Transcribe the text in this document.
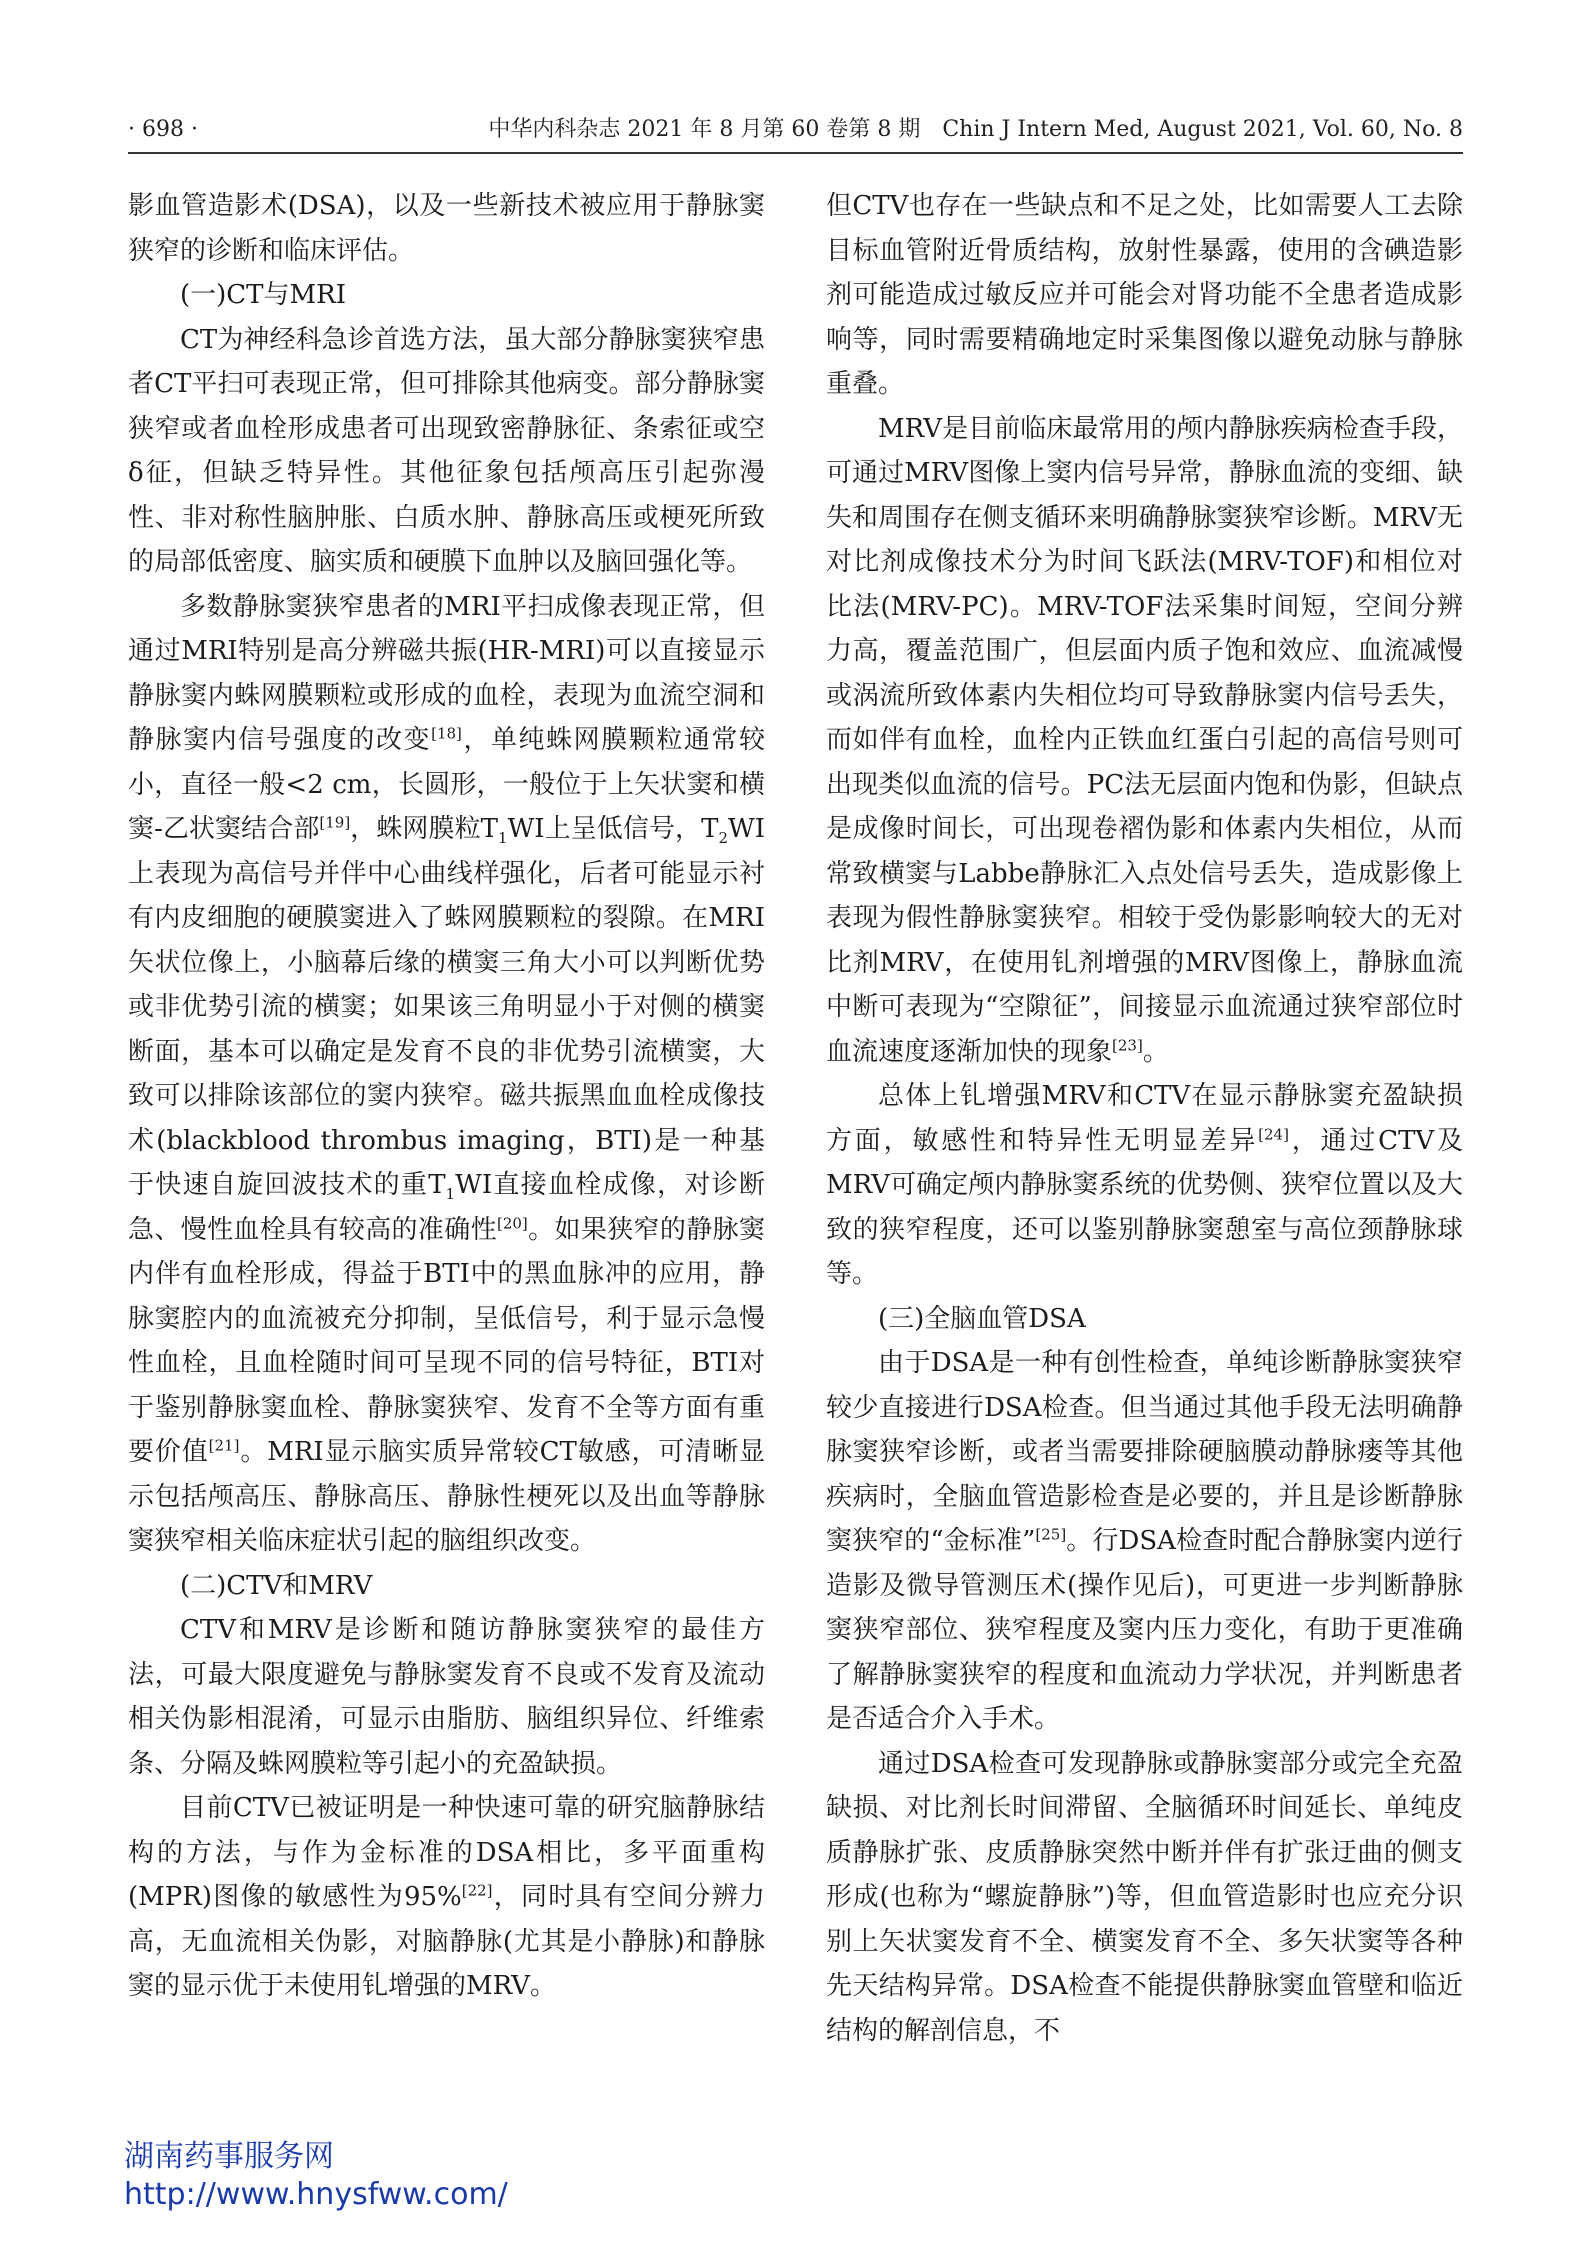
· 698 ·	中华内科杂志 2021 年 8 月第 60 卷第 8 期　Chin J Intern Med, August 2021, Vol. 60, No. 8

影血管造影术(DSA)，以及一些新技术被应用于静脉窦狭窄的诊断和临床评估。

(一)CT与MRI

CT为神经科急诊首选方法，虽大部分静脉窦狭窄患者CT平扫可表现正常，但可排除其他病变。部分静脉窦狭窄或者血栓形成患者可出现致密静脉征、条索征或空δ征，但缺乏特异性。其他征象包括颅高压引起弥漫性、非对称性脑肿胀、白质水肿、静脉高压或梗死所致的局部低密度、脑实质和硬膜下血肿以及脑回强化等。

多数静脉窦狭窄患者的MRI平扫成像表现正常，但通过MRI特别是高分辨磁共振(HR-MRI)可以直接显示静脉窦内蛛网膜颗粒或形成的血栓，表现为血流空洞和静脉窦内信号强度的改变[18]，单纯蛛网膜颗粒通常较小，直径一般<2 cm，长圆形，一般位于上矢状窦和横窦-乙状窦结合部[19]，蛛网膜粒$T_1WI$上呈低信号，$T_2WI$上表现为高信号并伴中心曲线样强化，后者可能显示衬有内皮细胞的硬膜窦进入了蛛网膜颗粒的裂隙。在MRI矢状位像上，小脑幕后缘的横窦三角大小可以判断优势或非优势引流的横窦；如果该三角明显小于对侧的横窦断面，基本可以确定是发育不良的非优势引流横窦，大致可以排除该部位的窦内狭窄。磁共振黑血血栓成像技术(blackblood thrombus imaging，BTI)是一种基于快速自旋回波技术的重$T_1WI$直接血栓成像，对诊断急、慢性血栓具有较高的准确性[20]。如果狭窄的静脉窦内伴有血栓形成，得益于BTI中的黑血脉冲的应用，静脉窦腔内的血流被充分抑制，呈低信号，利于显示急慢性血栓，且血栓随时间可呈现不同的信号特征，BTI对于鉴别静脉窦血栓、静脉窦狭窄、发育不全等方面有重要价值[21]。MRI显示脑实质异常较CT敏感，可清晰显示包括颅高压、静脉高压、静脉性梗死以及出血等静脉窦狭窄相关临床症状引起的脑组织改变。

(二)CTV和MRV

CTV和MRV是诊断和随访静脉窦狭窄的最佳方法，可最大限度避免与静脉窦发育不良或不发育及流动相关伪影相混淆，可显示由脂肪、脑组织异位、纤维索条、分隔及蛛网膜粒等引起小的充盈缺损。

目前CTV已被证明是一种快速可靠的研究脑静脉结构的方法，与作为金标准的DSA相比，多平面重构(MPR)图像的敏感性为95%[22]，同时具有空间分辨力高，无血流相关伪影，对脑静脉(尤其是小静脉)和静脉窦的显示优于未使用钆增强的MRV。

但CTV也存在一些缺点和不足之处，比如需要人工去除目标血管附近骨质结构，放射性暴露，使用的含碘造影剂可能造成过敏反应并可能会对肾功能不全患者造成影响等，同时需要精确地定时采集图像以避免动脉与静脉重叠。

MRV是目前临床最常用的颅内静脉疾病检查手段，可通过MRV图像上窦内信号异常，静脉血流的变细、缺失和周围存在侧支循环来明确静脉窦狭窄诊断。MRV无对比剂成像技术分为时间飞跃法(MRV-TOF)和相位对比法(MRV-PC)。MRV-TOF法采集时间短，空间分辨力高，覆盖范围广，但层面内质子饱和效应、血流减慢或涡流所致体素内失相位均可导致静脉窦内信号丢失，而如伴有血栓，血栓内正铁血红蛋白引起的高信号则可出现类似血流的信号。PC法无层面内饱和伪影，但缺点是成像时间长，可出现卷褶伪影和体素内失相位，从而常致横窦与Labbe静脉汇入点处信号丢失，造成影像上表现为假性静脉窦狭窄。相较于受伪影影响较大的无对比剂MRV，在使用钆剂增强的MRV图像上，静脉血流中断可表现为“空隙征”，间接显示血流通过狭窄部位时血流速度逐渐加快的现象[23]。

总体上钆增强MRV和CTV在显示静脉窦充盈缺损方面，敏感性和特异性无明显差异[24]，通过CTV及MRV可确定颅内静脉窦系统的优势侧、狭窄位置以及大致的狭窄程度，还可以鉴别静脉窦憩室与高位颈静脉球等。

(三)全脑血管DSA

由于DSA是一种有创性检查，单纯诊断静脉窦狭窄较少直接进行DSA检查。但当通过其他手段无法明确静脉窦狭窄诊断，或者当需要排除硬脑膜动静脉瘘等其他疾病时，全脑血管造影检查是必要的，并且是诊断静脉窦狭窄的“金标准”[25]。行DSA检查时配合静脉窦内逆行造影及微导管测压术(操作见后)，可更进一步判断静脉窦狭窄部位、狭窄程度及窦内压力变化，有助于更准确了解静脉窦狭窄的程度和血流动力学状况，并判断患者是否适合介入手术。

通过DSA检查可发现静脉或静脉窦部分或完全充盈缺损、对比剂长时间滞留、全脑循环时间延长、单纯皮质静脉扩张、皮质静脉突然中断并伴有扩张迂曲的侧支形成(也称为“螺旋静脉”)等，但血管造影时也应充分识别上矢状窦发育不全、横窦发育不全、多矢状窦等各种先天结构异常。DSA检查不能提供静脉窦血管壁和临近结构的解剖信息，不

湖南药事服务网
http://www.hnysfww.com/
